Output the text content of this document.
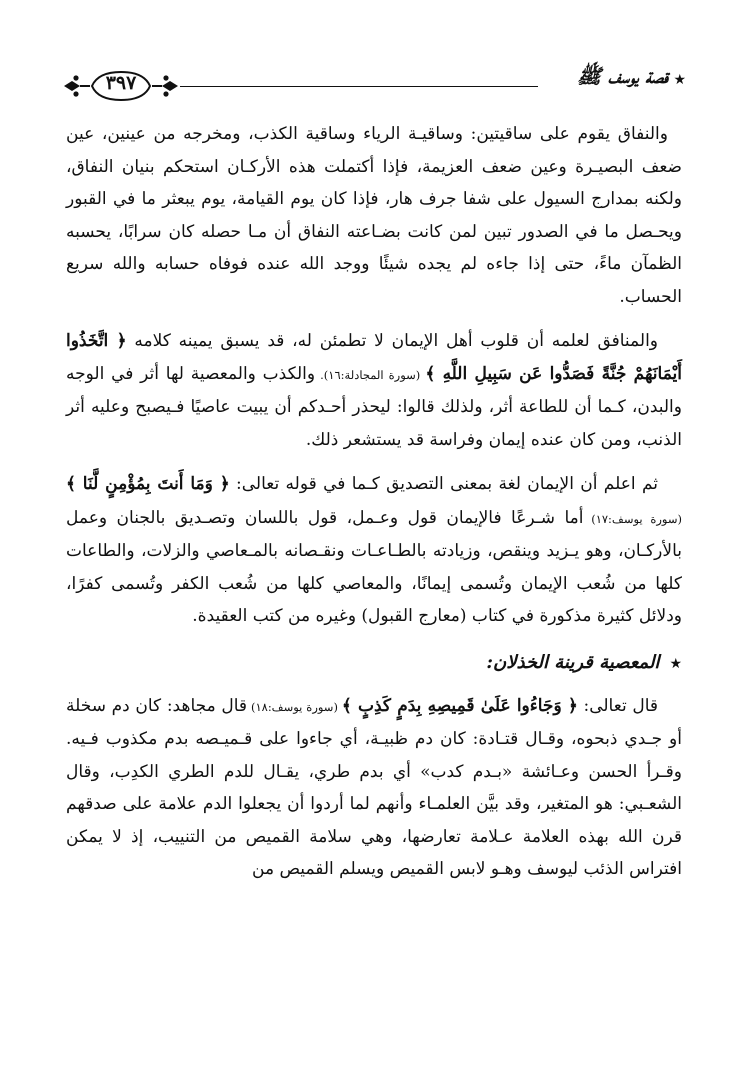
★
قصة يوسف ﷺ
٣٩٧

والنفاق يقوم على ساقيتين: وساقيـة الرياء وساقية الكذب، ومخرجه من عينين، عين ضعف البصيـرة وعين ضعف العزيمة، فإذا أكتملت هذه الأركـان استحكم بنيان النفاق، ولكنه بمدارج السيول على شفا جرف هار، فإذا كان يوم القيامة، يوم يبعثر ما في القبور ويحـصل ما في الصدور تبين لمن كانت بضـاعته النفاق أن مـا حصله كان سرابًا، يحسبه الظمآن ماءً، حتى إذا جاءه لم يجده شيئًا ووجد الله عنده فوفاه حسابه والله سريع الحساب.

والمنافق لعلمه أن قلوب أهل الإيمان لا تطمئن له، قد يسبق يمينه كلامه ﴿ اتَّخَذُوا أَيْمَانَهُمْ جُنَّةً فَصَدُّوا عَن سَبِيلِ اللَّهِ ﴾ (سورة المجادلة:١٦). والكذب والمعصية لها أثر في الوجه والبدن، كـما أن للطاعة أثر، ولذلك قالوا: ليحذر أحـدكم أن يبيت عاصيًا فـيصبح وعليه أثر الذنب، ومن كان عنده إيمان وفراسة قد يستشعر ذلك.

ثم اعلم أن الإيمان لغة بمعنى التصديق كـما في قوله تعالى: ﴿ وَمَا أَنتَ بِمُؤْمِنٍ لَّنَا ﴾ (سورة يوسف:١٧) أما شـرعًا فالإيمان قول وعـمل، قول باللسان وتصـديق بالجنان وعمل بالأركـان، وهو يـزيد وينقص، وزيادته بالطـاعـات ونقـصانه بالمـعاصي والزلات، والطاعات كلها من شُعب الإيمان وتُسمى إيمانًا، والمعاصي كلها من شُعب الكفر وتُسمى كفرًا، ودلائل كثيرة مذكورة في كتاب (معارج القبول) وغيره من كتب العقيدة.

★المعصية قرينة الخذلان:

قال تعالى: ﴿ وَجَاءُوا عَلَىٰ قَمِيصِهِ بِدَمٍ كَذِبٍ ﴾ (سورة يوسف:١٨) قال مجاهد: كان دم سخلة أو جـدي ذبحوه، وقـال قتـادة: كان دم ظبيـة، أي جاءوا على قـميـصه بدم مكذوب فـيه. وقـرأ الحسن وعـائشة «بـدم كدب» أي بدم طري، يقـال للدم الطري الكدِب، وقال الشعـبي: هو المتغير، وقد بيَّن العلمـاء وأنهم لما أردوا أن يجعلوا الدم علامة على صدقهم قرن الله بهذه العلامة عـلامة تعارضها، وهي سلامة القميص من التنييب، إذ لا يمكن افتراس الذئب ليوسف وهـو لابس القميص ويسلم القميص من
